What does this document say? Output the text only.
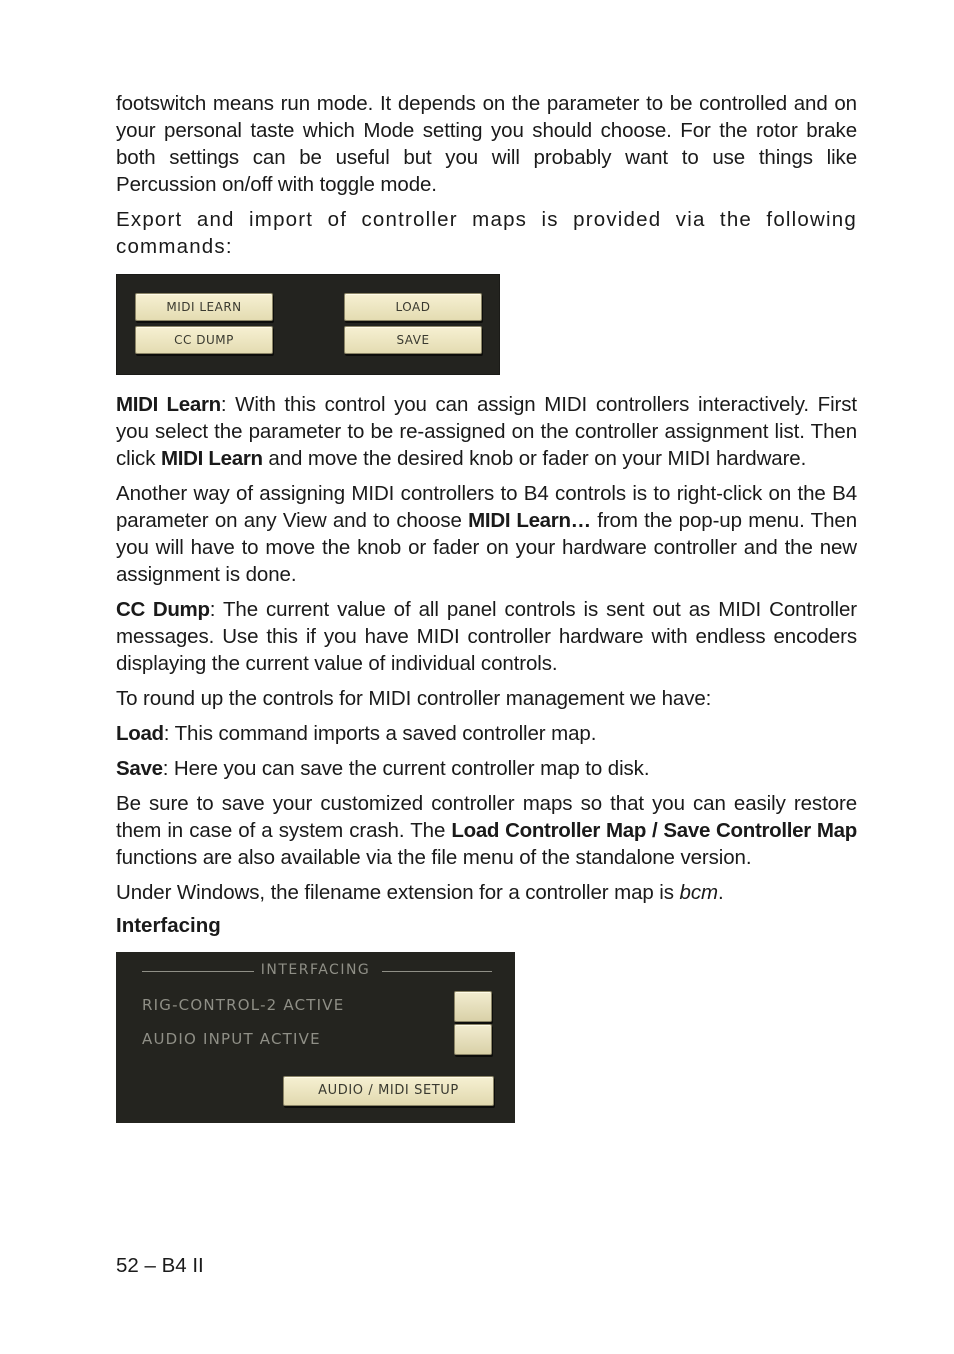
footswitch means run mode. It depends on the parameter to be controlled and on your personal taste which Mode setting you should choose. For the rotor brake both settings can be useful but you will probably want to use things like Percussion on/off with toggle mode.

Export and import of controller maps is provided via the following commands:

MIDI LEARN
CC DUMP
LOAD
SAVE

MIDI Learn: With this control you can assign MIDI controllers interactively. First you select the parameter to be re-assigned on the controller assignment list. Then click MIDI Learn and move the desired knob or fader on your MIDI hardware.

Another way of assigning MIDI controllers to B4 controls is to right-click on the B4 parameter on any View and to choose MIDI Learn… from the pop-up menu. Then you will have to move the knob or fader on your hardware controller and the new assignment is done.

CC Dump: The current value of all panel controls is sent out as MIDI Controller messages. Use this if you have MIDI controller hardware with endless encoders displaying the current value of individual controls.

To round up the controls for MIDI controller management we have:

Load: This command imports a saved controller map.

Save: Here you can save the current controller map to disk.

Be sure to save your customized controller maps so that you can easily restore them in case of a system crash. The Load Controller Map / Save Controller Map functions are also available via the file menu of the standalone version.

Under Windows, the filename extension for a controller map is bcm.

Interfacing
INTERFACING
RIG-CONTROL-2 ACTIVE
AUDIO INPUT ACTIVE
AUDIO / MIDI SETUP
52 – B4 II
